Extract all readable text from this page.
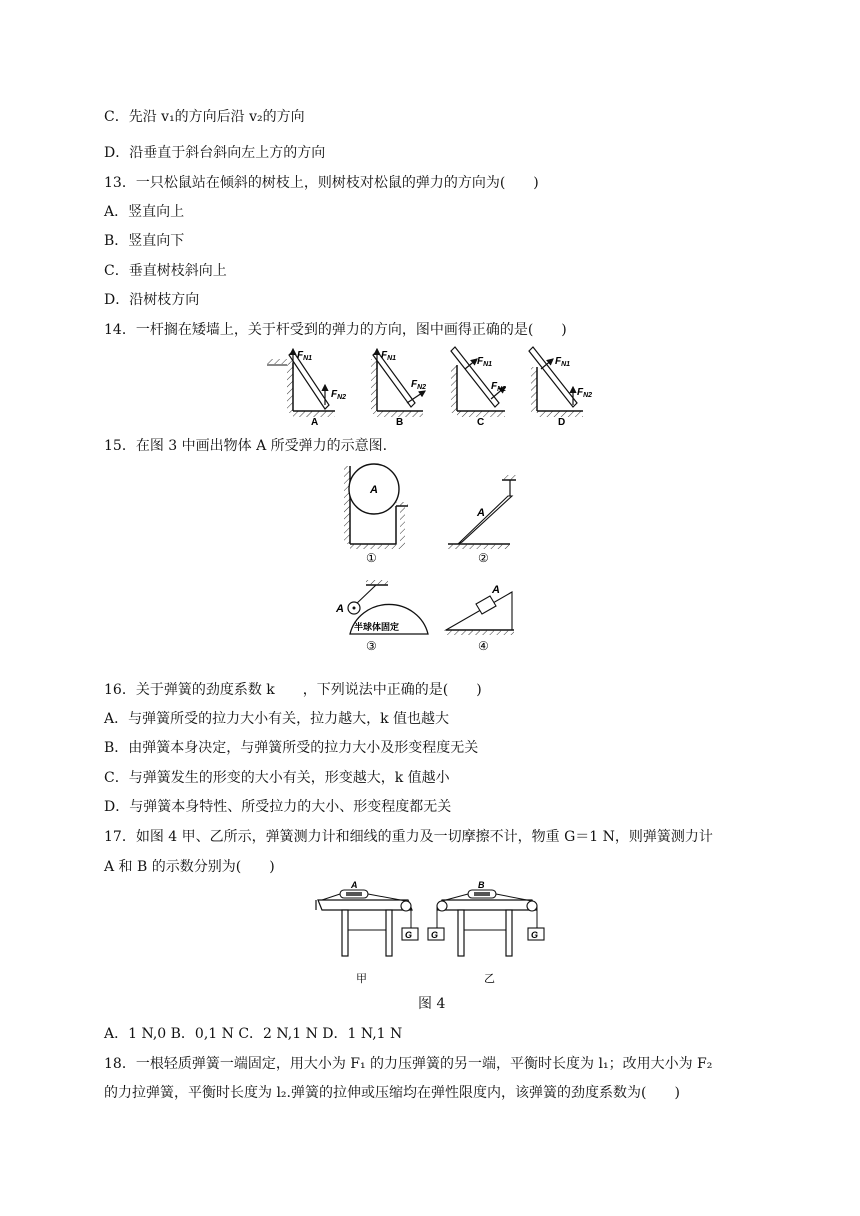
C．先沿 v₁的方向后沿 v₂的方向
D．沿垂直于斜台斜向左上方的方向
13．一只松鼠站在倾斜的树枝上，则树枝对松鼠的弹力的方向为(　　)
A．竖直向上
B．竖直向下
C．垂直树枝斜向上
D．沿树枝方向
14．一杆搁在矮墙上，关于杆受到的弹力的方向，图中画得正确的是(　　)
$F_{N1}$
$F_{N2}$
$F_{N1}$
$F_{N2}$
$F_{N1}$
$F_{N2}$
$F_{N1}$
$F_{N2}$
A	B	C	D
15．在图 3 中画出物体 A 所受弹力的示意图.
A
①
A
②
A
半球体固定
③
A
④
16．关于弹簧的劲度系数 k　　，下列说法中正确的是(　　)
A．与弹簧所受的拉力大小有关，拉力越大，k 值也越大
B．由弹簧本身决定，与弹簧所受的拉力大小及形变程度无关
C．与弹簧发生的形变的大小有关，形变越大，k 值越小
D．与弹簧本身特性、所受拉力的大小、形变程度都无关
17．如图 4 甲、乙所示，弹簧测力计和细线的重力及一切摩擦不计，物重 G＝1 N，则弹簧测力计
A 和 B 的示数分别为(　　)
G
A
甲
G	G
B
乙
图 4
A．1 N,0 B．0,1 N C．2 N,1 N D．1 N,1 N
18．一根轻质弹簧一端固定，用大小为 F₁ 的力压弹簧的另一端，平衡时长度为 l₁；改用大小为 F₂
的力拉弹簧，平衡时长度为 l₂.弹簧的拉伸或压缩均在弹性限度内，该弹簧的劲度系数为(　　)
